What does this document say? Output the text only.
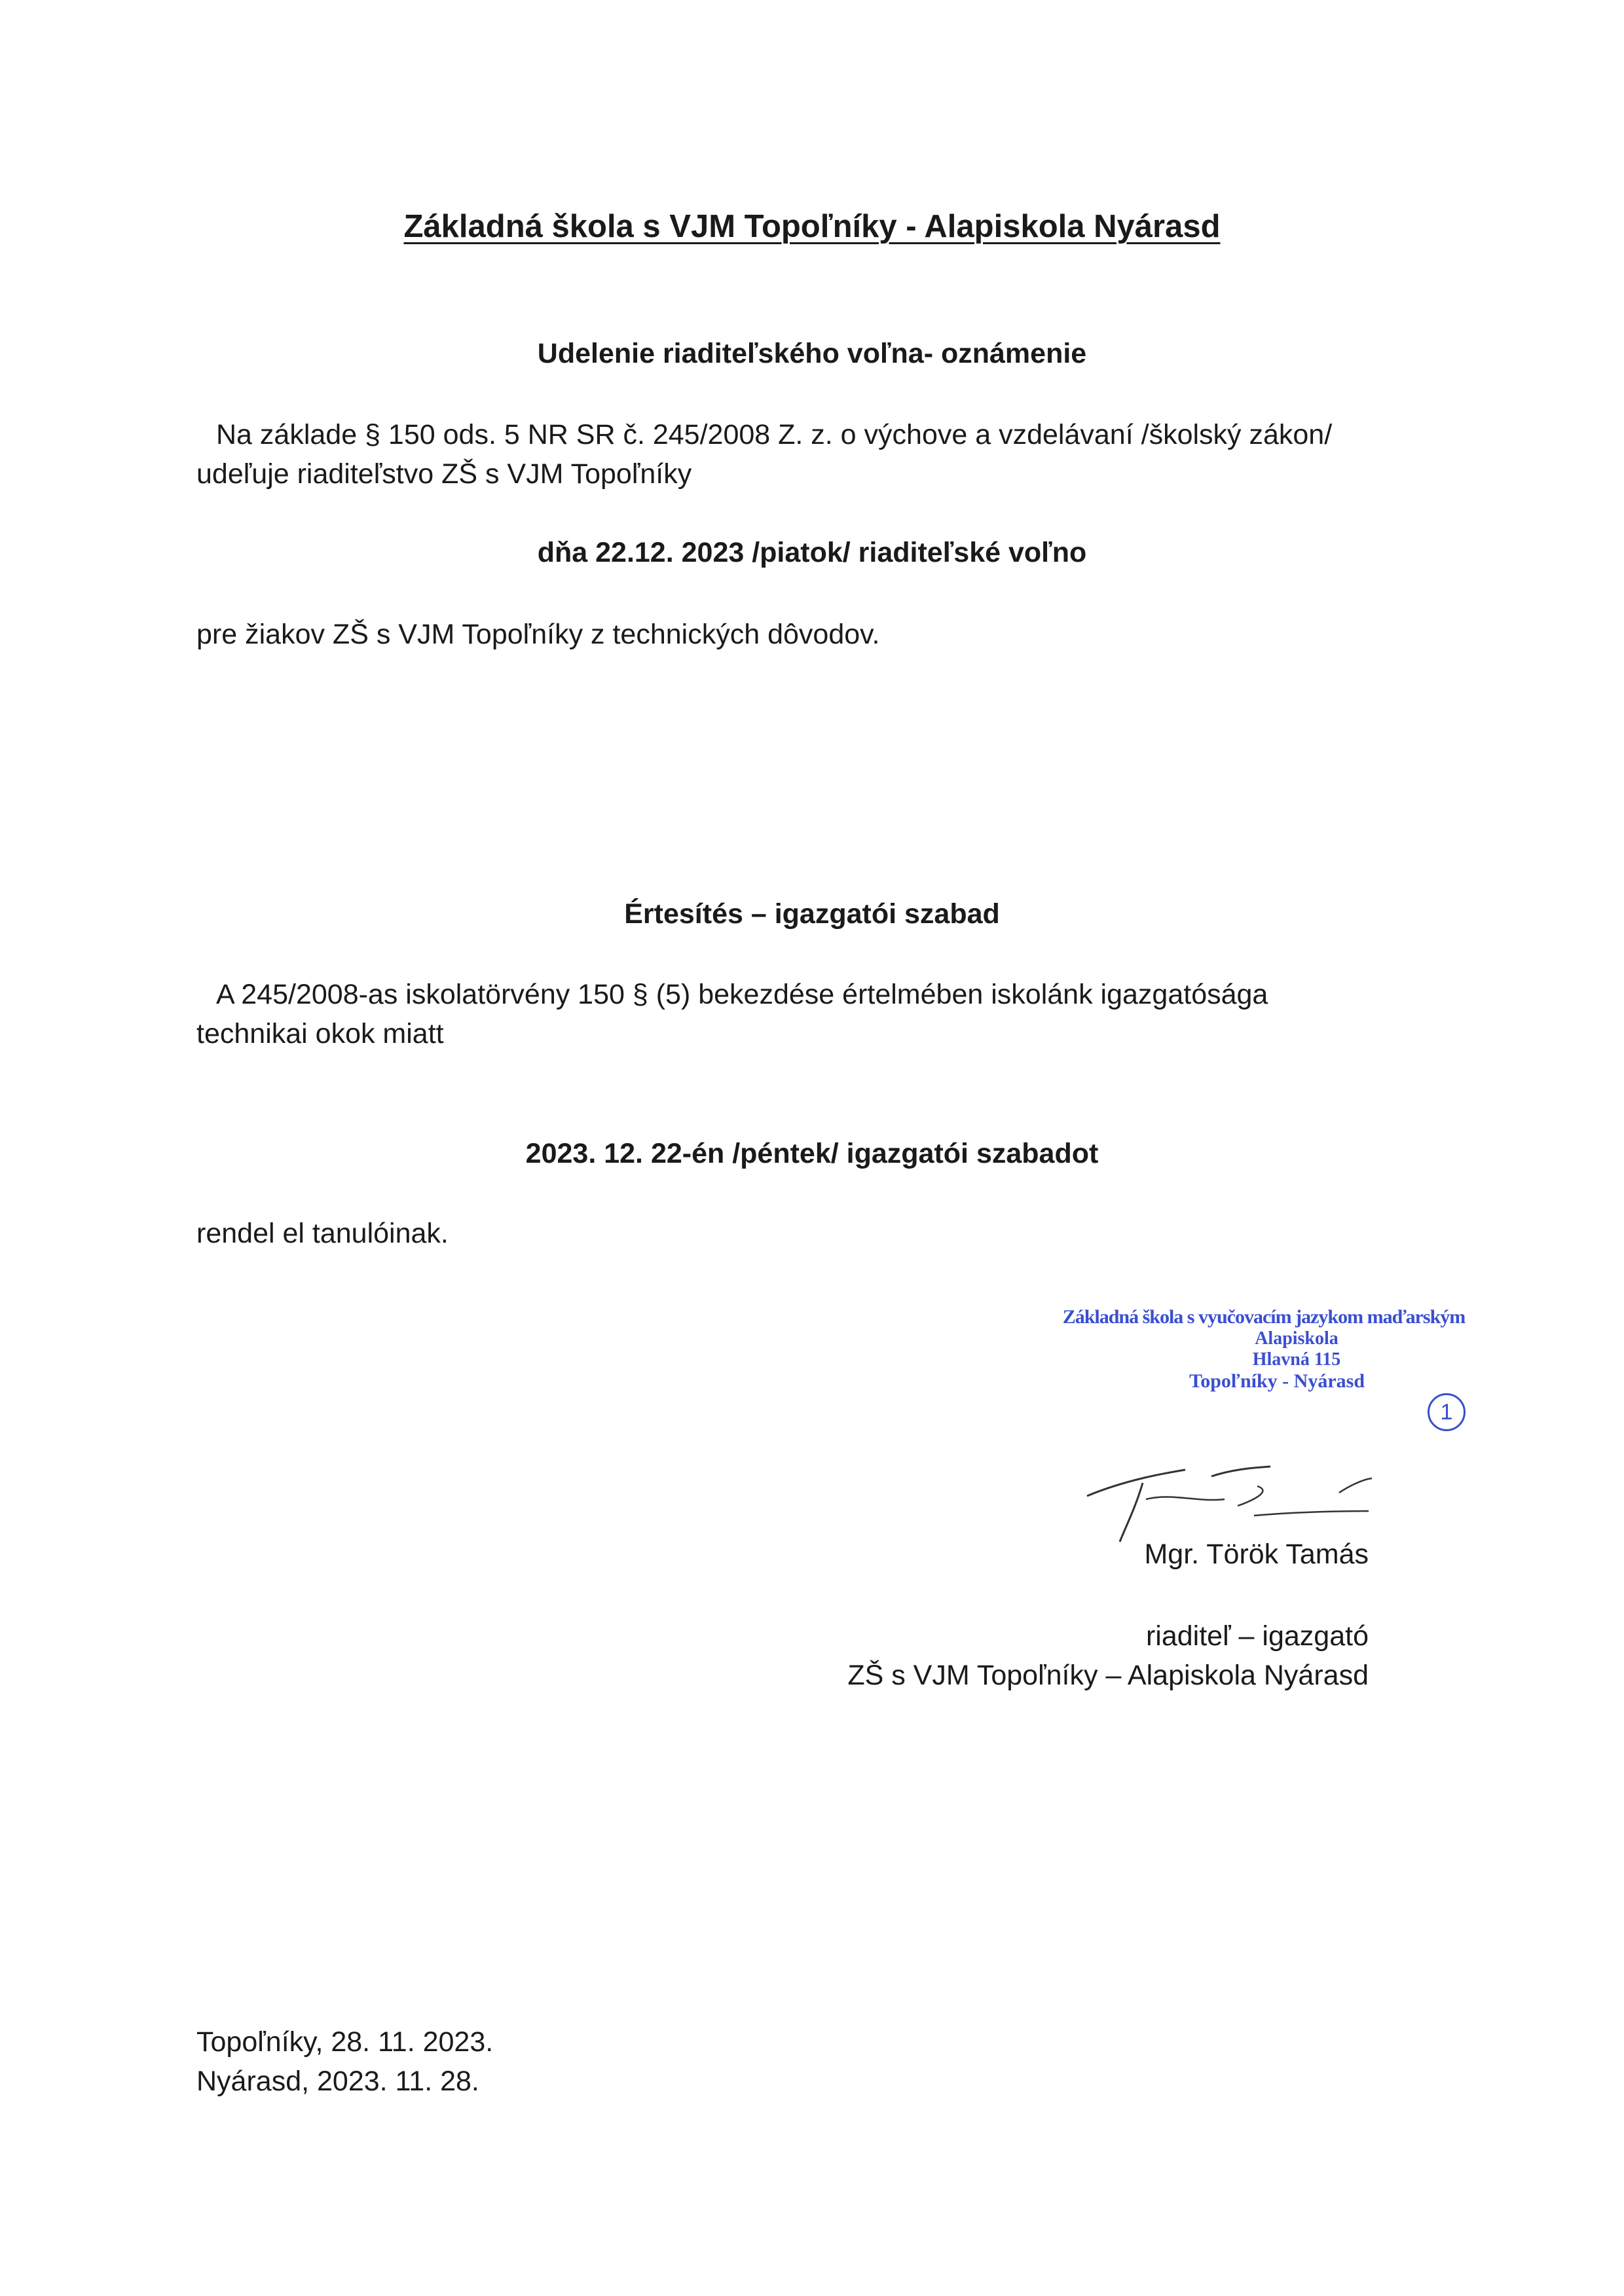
Základná škola s VJM Topoľníky - Alapiskola Nyárasd
Udelenie riaditeľského voľna- oznámenie
Na základe § 150 ods. 5 NR SR č. 245/2008 Z. z. o výchove a vzdelávaní /školský zákon/
udeľuje riaditeľstvo ZŠ s VJM Topoľníky
dňa 22.12. 2023 /piatok/ riaditeľské voľno
pre žiakov ZŠ s VJM Topoľníky z technických dôvodov.
Értesítés – igazgatói szabad
A 245/2008-as iskolatörvény 150 § (5) bekezdése értelmében iskolánk igazgatósága
technikai okok miatt
2023. 12. 22-én /péntek/ igazgatói szabadot
rendel el tanulóinak.
Základná škola s vyučovacím jazykom maďarským
Alapiskola
Hlavná 115
Topoľníky - Nyárasd
1
Mgr. Török Tamás
riaditeľ – igazgató
ZŠ s VJM Topoľníky – Alapiskola Nyárasd
Topoľníky, 28. 11. 2023.
Nyárasd, 2023. 11. 28.
